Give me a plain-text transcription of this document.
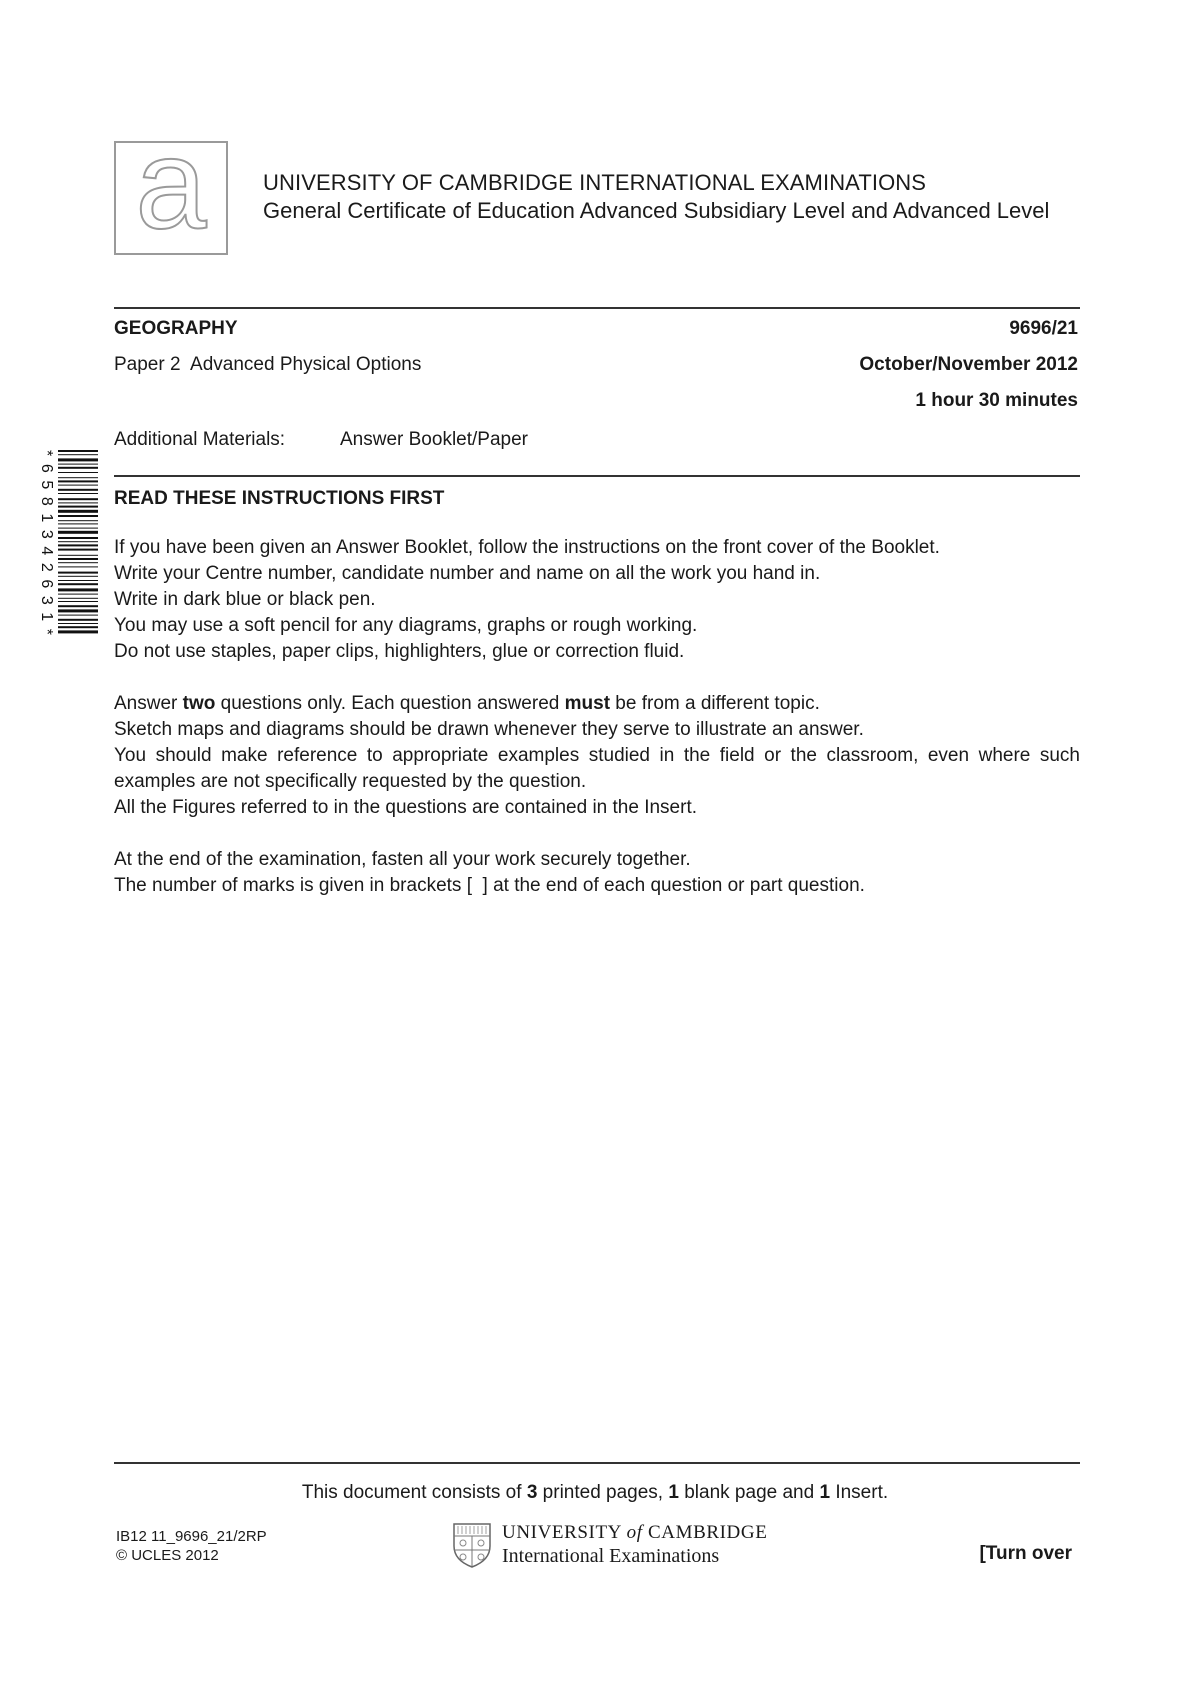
a	UNIVERSITY OF CAMBRIDGE INTERNATIONAL EXAMINATIONS
General Certificate of Education Advanced Subsidiary Level and Advanced Level
GEOGRAPHY	9696/21
Paper 2  Advanced Physical Options	October/November 2012
1 hour 30 minutes
Additional Materials:	Answer Booklet/Paper
*6581342631*	READ THESE INSTRUCTIONS FIRST
If you have been given an Answer Booklet, follow the instructions on the front cover of the Booklet.
Write your Centre number, candidate number and name on all the work you hand in.
Write in dark blue or black pen.
You may use a soft pencil for any diagrams, graphs or rough working.
Do not use staples, paper clips, highlighters, glue or correction fluid.
Answer two questions only. Each question answered must be from a different topic.
Sketch maps and diagrams should be drawn whenever they serve to illustrate an answer.
You should make reference to appropriate examples studied in the field or the classroom, even where such examples are not specifically requested by the question.
All the Figures referred to in the questions are contained in the Insert.
At the end of the examination, fasten all your work securely together.
The number of marks is given in brackets [  ] at the end of each question or part question.
This document consists of 3 printed pages, 1 blank page and 1 Insert.
IB12 11_9696_21/2RP
© UCLES 2012
UNIVERSITY of CAMBRIDGE
International Examinations	[Turn over
